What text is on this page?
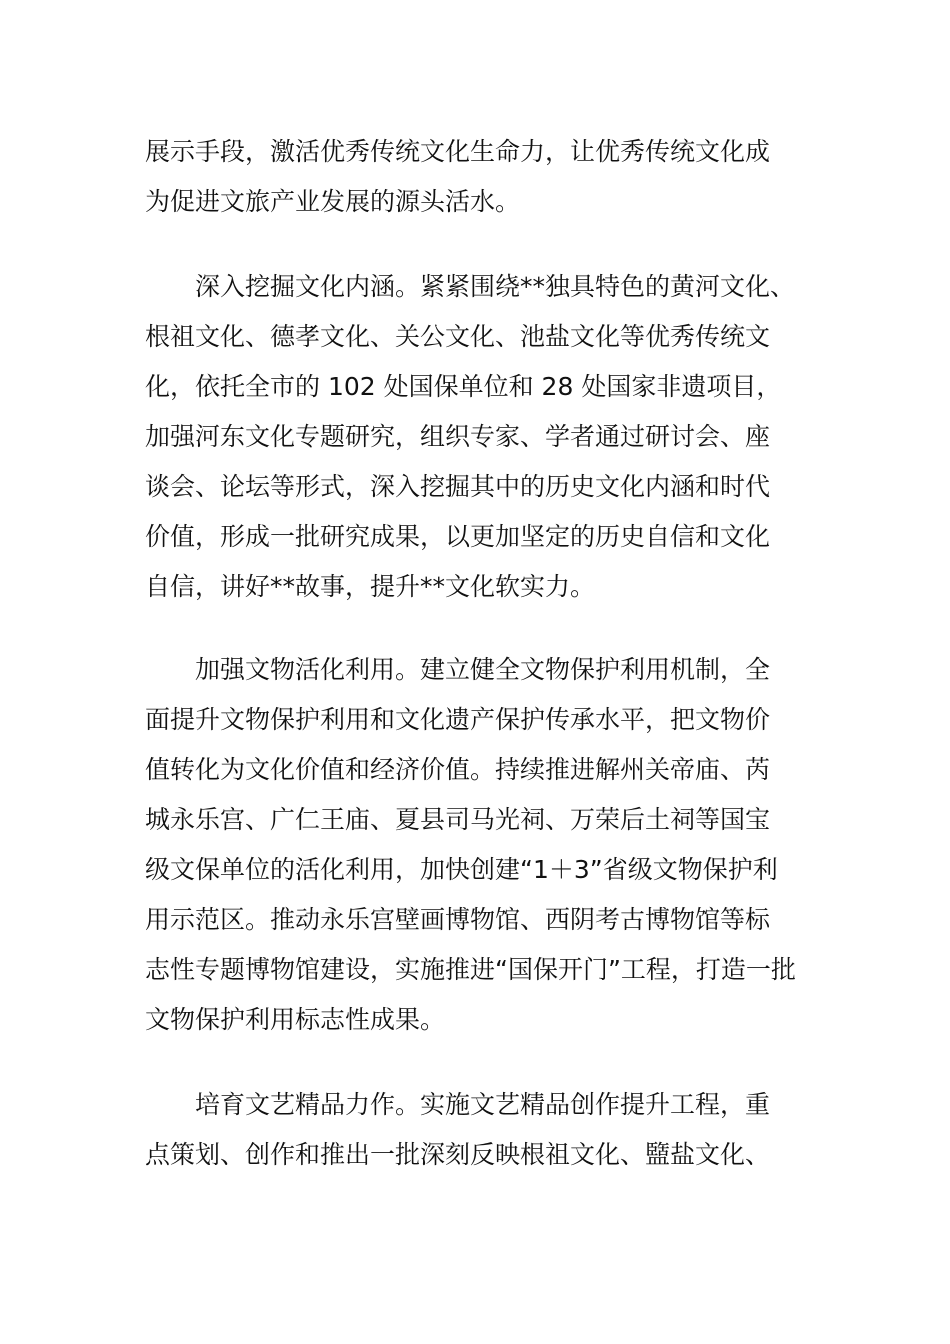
展示手段，激活优秀传统文化生命力，让优秀传统文化成
为促进文旅产业发展的源头活水。
深入挖掘文化内涵。紧紧围绕**独具特色的黄河文化、
根祖文化、德孝文化、关公文化、池盐文化等优秀传统文
化，依托全市的 102 处国保单位和 28 处国家非遗项目，
加强河东文化专题研究，组织专家、学者通过研讨会、座
谈会、论坛等形式，深入挖掘其中的历史文化内涵和时代
价值，形成一批研究成果，以更加坚定的历史自信和文化
自信，讲好**故事，提升**文化软实力。
加强文物活化利用。建立健全文物保护利用机制，全
面提升文物保护利用和文化遗产保护传承水平，把文物价
值转化为文化价值和经济价值。持续推进解州关帝庙、芮
城永乐宫、广仁王庙、夏县司马光祠、万荣后土祠等国宝
级文保单位的活化利用，加快创建“1＋3”省级文物保护利
用示范区。推动永乐宫壁画博物馆、西阴考古博物馆等标
志性专题博物馆建设，实施推进“国保开门”工程，打造一批
文物保护利用标志性成果。
培育文艺精品力作。实施文艺精品创作提升工程，重
点策划、创作和推出一批深刻反映根祖文化、盬盐文化、
